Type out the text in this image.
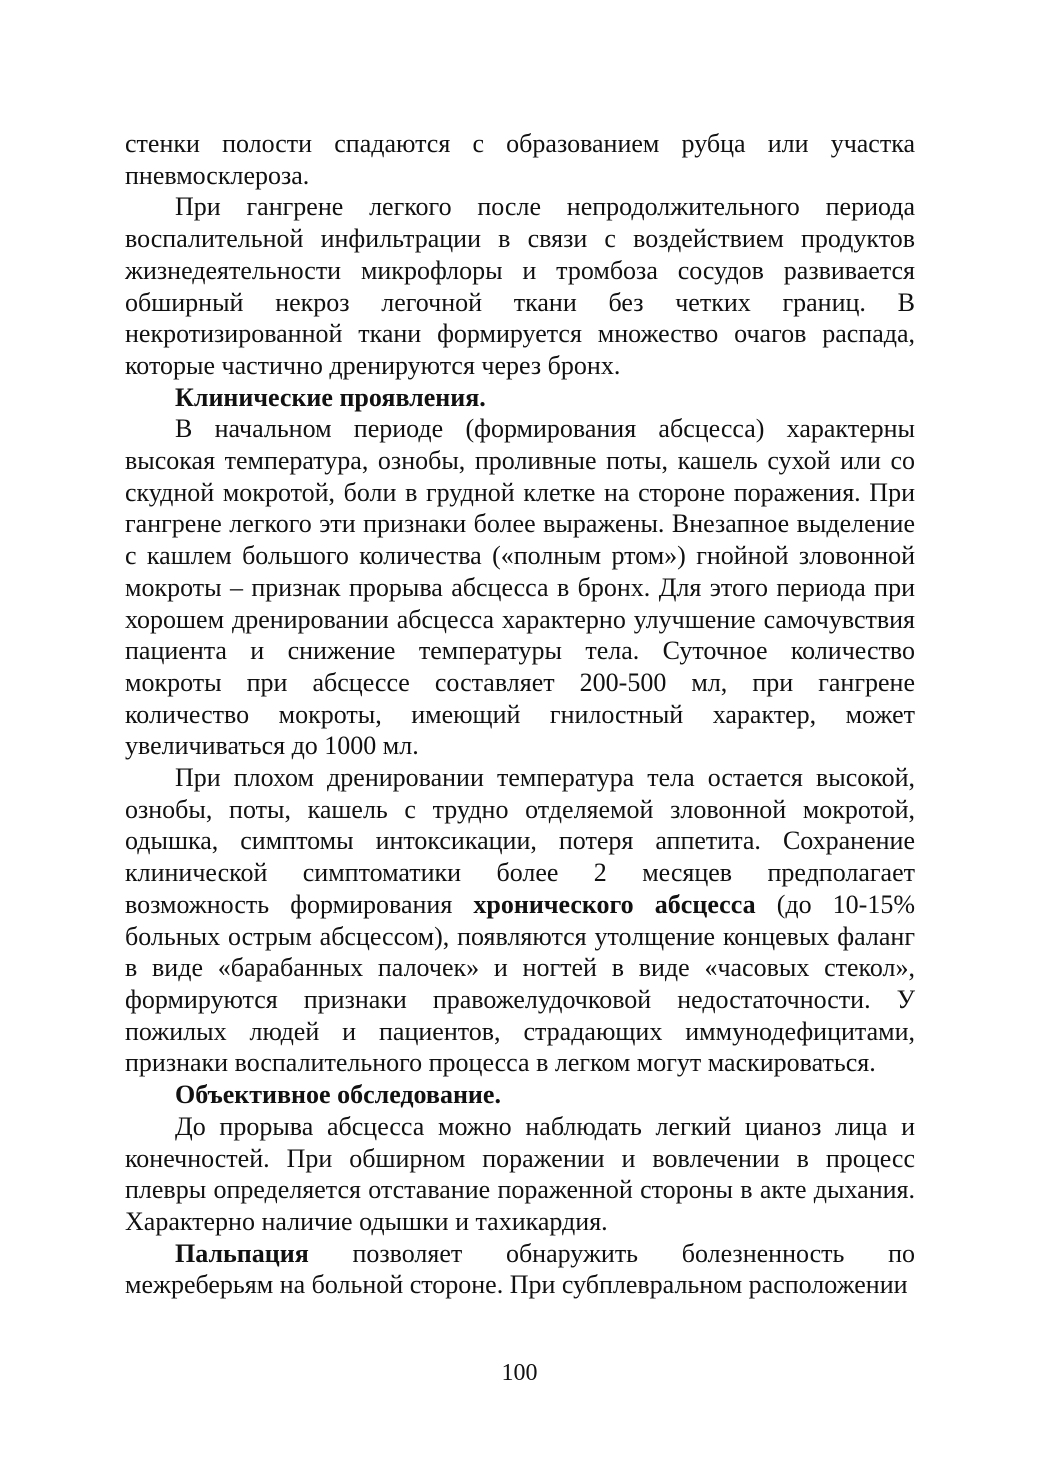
стенки полости спадаются с образованием рубца или участка пневмосклероза.

При гангрене легкого после непродолжительного периода воспалительной инфильтрации в связи с воздействием продуктов жизнедеятельности микрофлоры и тромбоза сосудов развивается обширный некроз легочной ткани без четких границ. В некротизированной ткани формируется множество очагов распада, которые частично дренируются через бронх.

Клинические проявления.

В начальном периоде (формирования абсцесса) характерны высокая температура, ознобы, проливные поты, кашель сухой или со скудной мокротой, боли в грудной клетке на стороне поражения. При гангрене легкого эти признаки более выражены. Внезапное выделение с кашлем большого количества («полным ртом») гнойной зловонной мокроты – признак прорыва абсцесса в бронх. Для этого периода при хорошем дренировании абсцесса характерно улучшение самочувствия пациента и снижение температуры тела. Суточное количество мокроты при абсцессе составляет 200-500 мл, при гангрене количество мокроты, имеющий гнилостный характер, может увеличиваться до 1000 мл.

При плохом дренировании температура тела остается высокой, ознобы, поты, кашель с трудно отделяемой зловонной мокротой, одышка, симптомы интоксикации, потеря аппетита. Сохранение клинической симптоматики более 2 месяцев предполагает возможность формирования хронического абсцесса (до 10-15% больных острым абсцессом), появляются утолщение концевых фаланг в виде «барабанных палочек» и ногтей в виде «часовых стекол», формируются признаки правожелудочковой недостаточности. У пожилых людей и пациентов, страдающих иммунодефицитами, признаки воспалительного процесса в легком могут маскироваться.

Объективное обследование.

До прорыва абсцесса можно наблюдать легкий цианоз лица и конечностей. При обширном поражении и вовлечении в процесс плевры определяется отставание пораженной стороны в акте дыхания. Характерно наличие одышки и тахикардия.

Пальпация позволяет обнаружить болезненность по межреберьям на больной стороне. При субплевральном расположении

100
